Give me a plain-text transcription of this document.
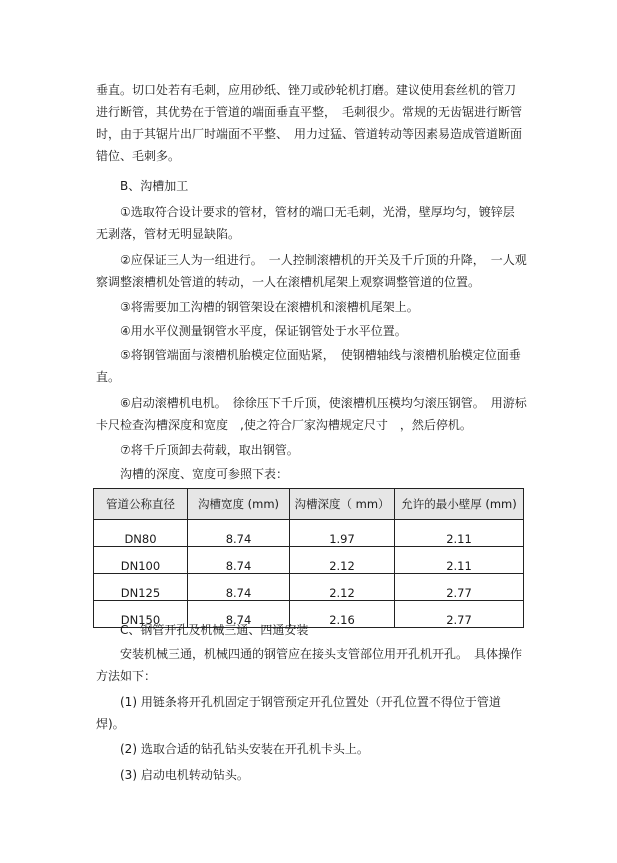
垂直。切口处若有毛刺，应用砂纸、锉刀或砂轮机打磨。建议使用套丝机的管刀
进行断管，其优势在于管道的端面垂直平整，　毛刺很少。常规的无齿锯进行断管
时，由于其锯片出厂时端面不平整、　用力过猛、管道转动等因素易造成管道断面
错位、毛刺多。

B、沟槽加工

①选取符合设计要求的管材，管材的端口无毛刺，光滑，壁厚均匀，镀锌层
无剥落，管材无明显缺陷。

②应保证三人为一组进行。　一人控制滚槽机的开关及千斤顶的升降，　一人观
察调整滚槽机处管道的转动，一人在滚槽机尾架上观察调整管道的位置。

③将需要加工沟槽的钢管架设在滚槽机和滚槽机尾架上。

④用水平仪测量钢管水平度，保证钢管处于水平位置。

⑤将钢管端面与滚槽机胎模定位面贴紧，　使钢槽轴线与滚槽机胎模定位面垂
直。

⑥启动滚槽机电机。　徐徐压下千斤顶，使滚槽机压模均匀滚压钢管。　用游标
卡尺检查沟槽深度和宽度　,使之符合厂家沟槽规定尺寸　，然后停机。

⑦将千斤顶卸去荷载，取出钢管。

沟槽的深度、宽度可参照下表：

管道公称直径	沟槽宽度 (mm)	沟槽深度（ mm）	允许的最小壁厚 (mm)
DN80	8.74	1.97	2.11
DN100	8.74	2.12	2.11
DN125	8.74	2.12	2.77
DN150	8.74	2.16	2.77

C、钢管开孔及机械三通、四通安装

安装机械三通，机械四通的钢管应在接头支管部位用开孔机开孔。　具体操作
方法如下：

(1) 用链条将开孔机固定于钢管预定开孔位置处（开孔位置不得位于管道
焊)。

(2) 选取合适的钻孔钻头安装在开孔机卡头上。

(3) 启动电机转动钻头。
